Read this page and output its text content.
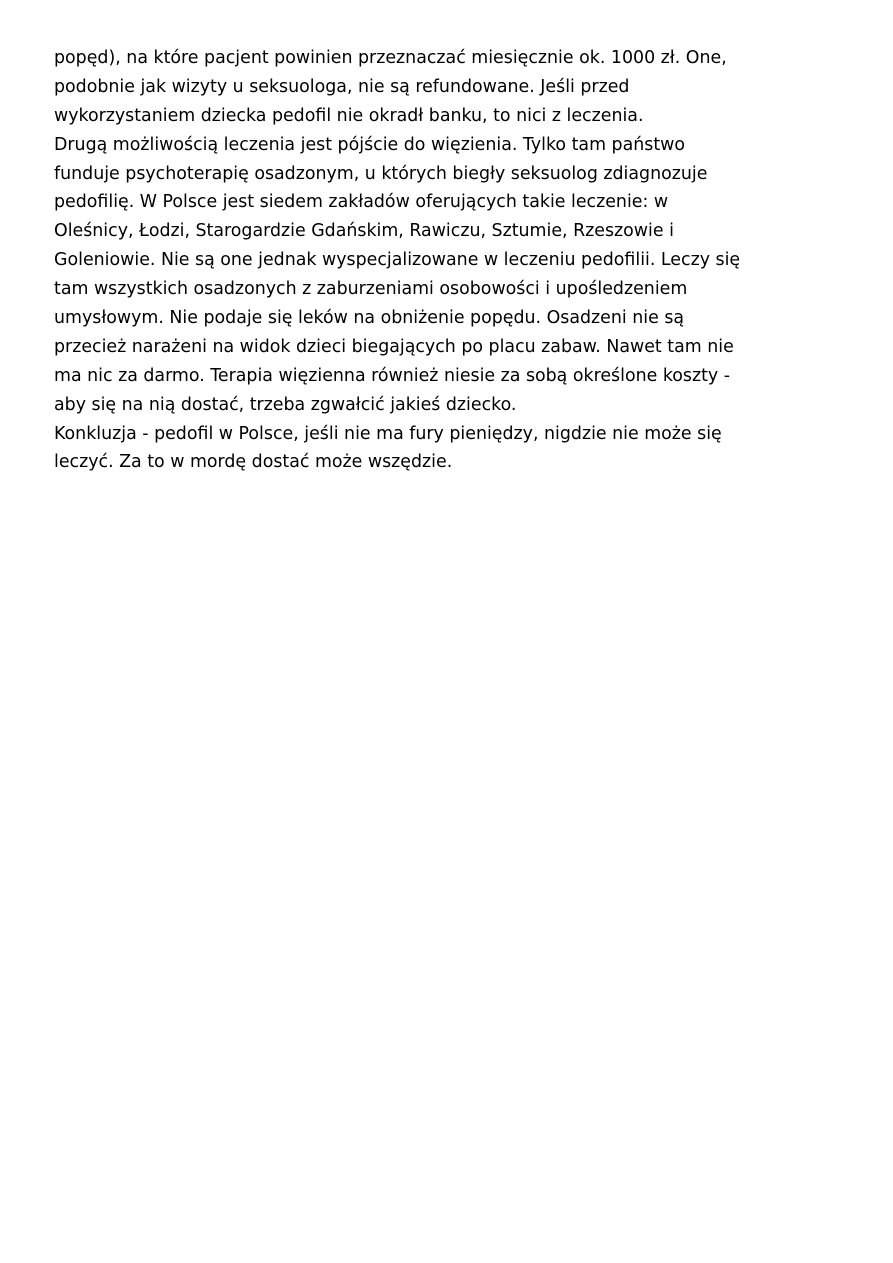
popęd), na które pacjent powinien przeznaczać miesięcznie ok. 1000 zł. One,
podobnie jak wizyty u seksuologa, nie są refundowane. Jeśli przed
wykorzystaniem dziecka pedofil nie okradł banku, to nici z leczenia.
Drugą możliwością leczenia jest pójście do więzienia. Tylko tam państwo
funduje psychoterapię osadzonym, u których biegły seksuolog zdiagnozuje
pedofilię. W Polsce jest siedem zakładów oferujących takie leczenie: w
Oleśnicy, Łodzi, Starogardzie Gdańskim, Rawiczu, Sztumie, Rzeszowie i
Goleniowie. Nie są one jednak wyspecjalizowane w leczeniu pedofilii. Leczy się
tam wszystkich osadzonych z zaburzeniami osobowości i upośledzeniem
umysłowym. Nie podaje się leków na obniżenie popędu. Osadzeni nie są
przecież narażeni na widok dzieci biegających po placu zabaw. Nawet tam nie
ma nic za darmo. Terapia więzienna również niesie za sobą określone koszty -
aby się na nią dostać, trzeba zgwałcić jakieś dziecko.
Konkluzja - pedofil w Polsce, jeśli nie ma fury pieniędzy, nigdzie nie może się
leczyć. Za to w mordę dostać może wszędzie.
